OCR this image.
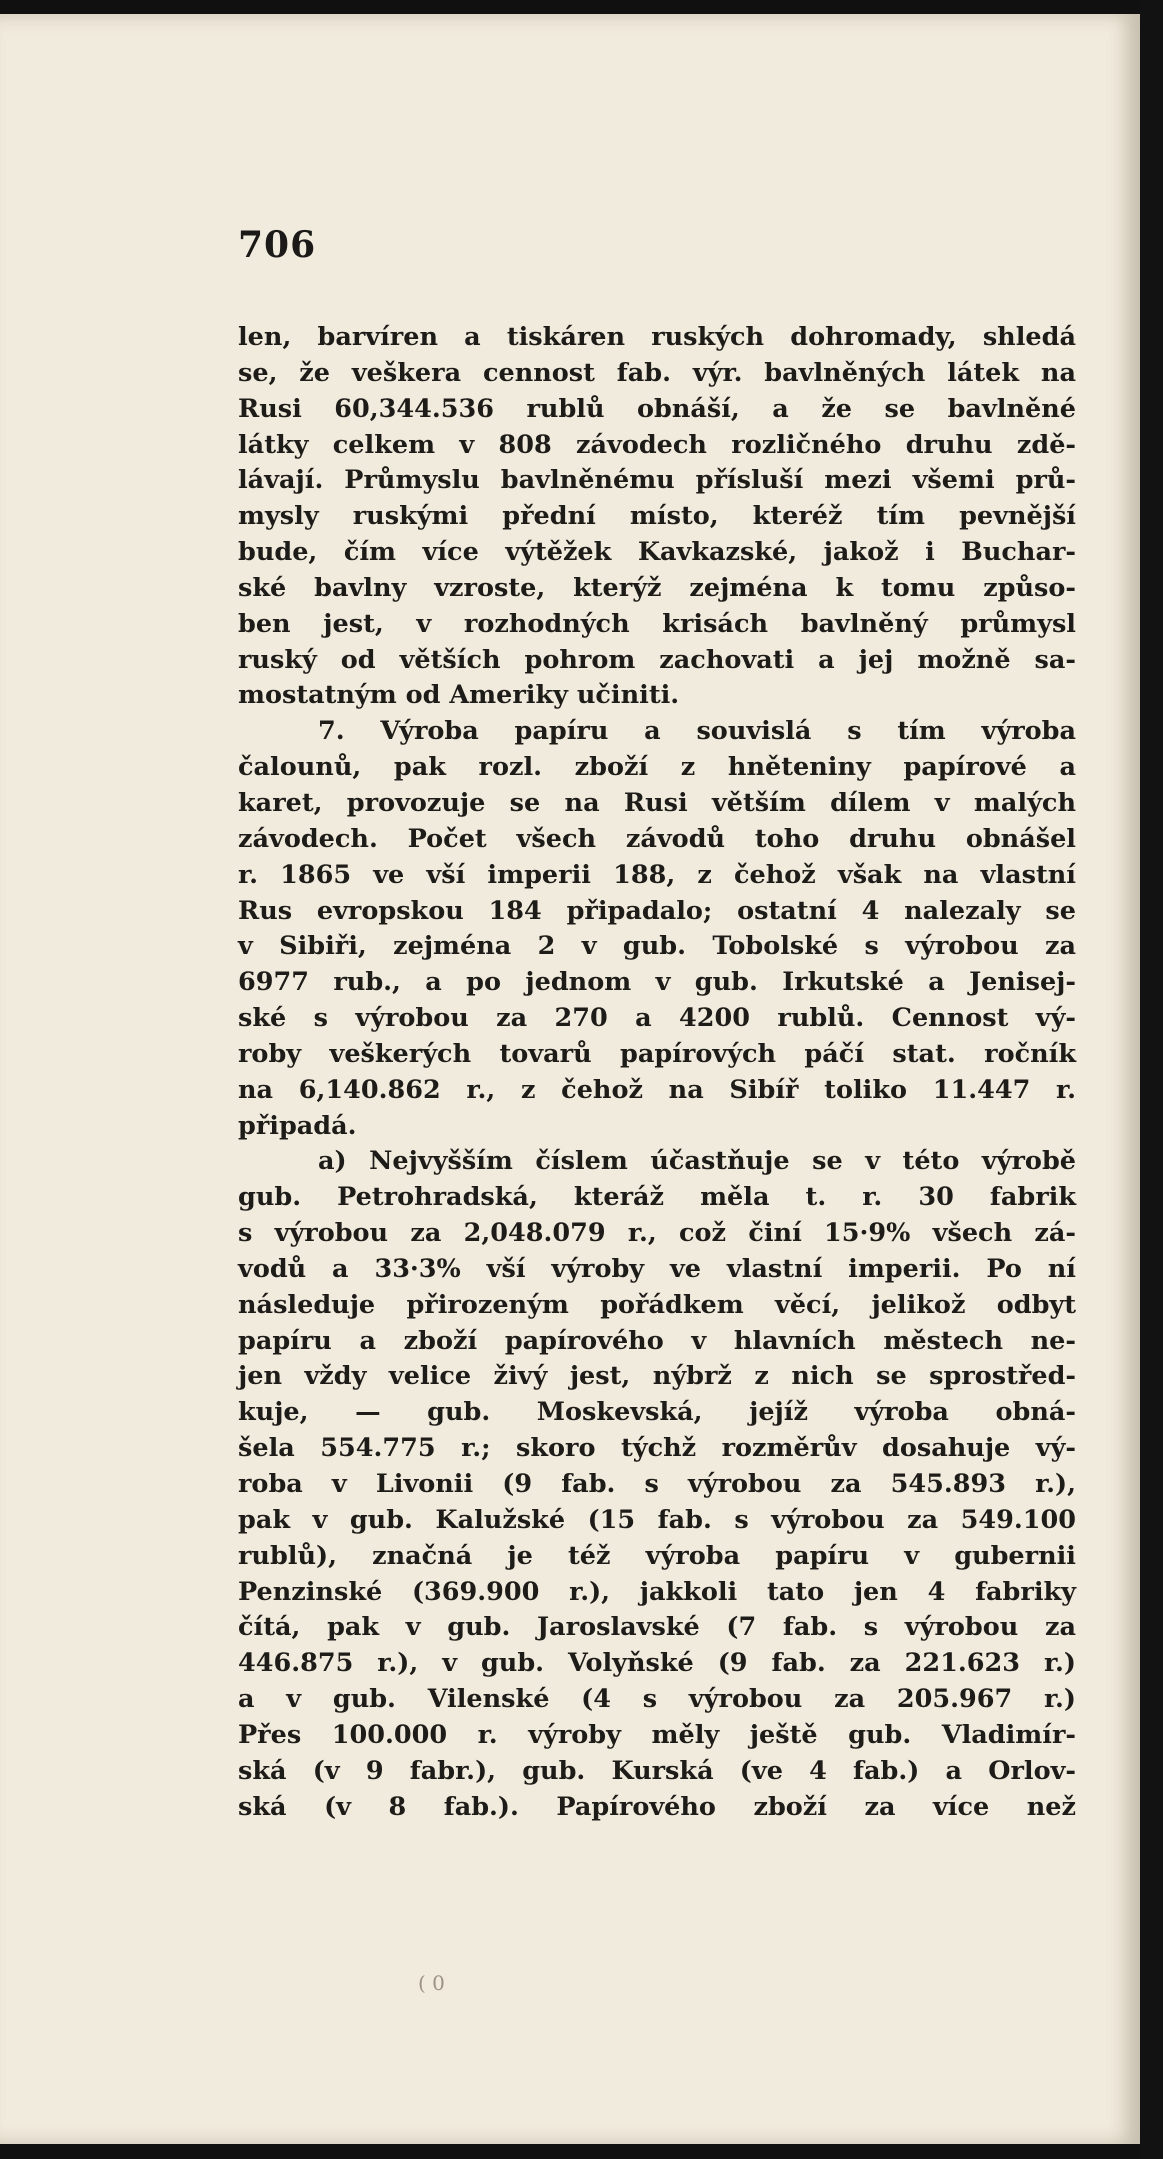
706
len, barvíren a tiskáren ruských dohromady, shledá
se, že veškera cennost fab. výr. bavlněných látek na
Rusi 60,344.536 rublů obnáší, a že se bavlněné
látky celkem v 808 závodech rozličného druhu zdě-
lávají. Průmyslu bavlněnému přísluší mezi všemi prů-
mysly ruskými přední místo, kteréž tím pevnější
bude, čím více výtěžek Kavkazské, jakož i Buchar-
ské bavlny vzroste, kterýž zejména k tomu způso-
ben jest, v rozhodných krisách bavlněný průmysl
ruský od větších pohrom zachovati a jej možně sa-
mostatným od Ameriky učiniti.
7. Výroba papíru a souvislá s tím výroba
čalounů, pak rozl. zboží z hněteniny papírové a
karet, provozuje se na Rusi větším dílem v malých
závodech. Počet všech závodů toho druhu obnášel
r. 1865 ve vší imperii 188, z čehož však na vlastní
Rus evropskou 184 připadalo; ostatní 4 nalezaly se
v Sibiři, zejména 2 v gub. Tobolské s výrobou za
6977 rub., a po jednom v gub. Irkutské a Jenisej-
ské s výrobou za 270 a 4200 rublů. Cennost vý-
roby veškerých tovarů papírových páčí stat. ročník
na 6,140.862 r., z čehož na Sibíř toliko 11.447 r.
připadá.
a) Nejvyšším číslem účastňuje se v této výrobě
gub. Petrohradská, kteráž měla t. r. 30 fabrik
s výrobou za 2,048.079 r., což činí 15·9% všech zá-
vodů a 33·3% vší výroby ve vlastní imperii. Po ní
následuje přirozeným pořádkem věcí, jelikož odbyt
papíru a zboží papírového v hlavních městech ne-
jen vždy velice živý jest, nýbrž z nich se sprostřed-
kuje, — gub. Moskevská, jejíž výroba obná-
šela 554.775 r.; skoro týchž rozměrův dosahuje vý-
roba v Livonii (9 fab. s výrobou za 545.893 r.),
pak v gub. Kalužské (15 fab. s výrobou za 549.100
rublů), značná je též výroba papíru v gubernii
Penzinské (369.900 r.), jakkoli tato jen 4 fabriky
čítá, pak v gub. Jaroslavské (7 fab. s výrobou za
446.875 r.), v gub. Volyňské (9 fab. za 221.623 r.)
a v gub. Vilenské (4 s výrobou za 205.967 r.)
Přes 100.000 r. výroby měly ještě gub. Vladimír-
ská (v 9 fabr.), gub. Kurská (ve 4 fab.) a Orlov-
ská (v 8 fab.). Papírového zboží za více než
( 0
